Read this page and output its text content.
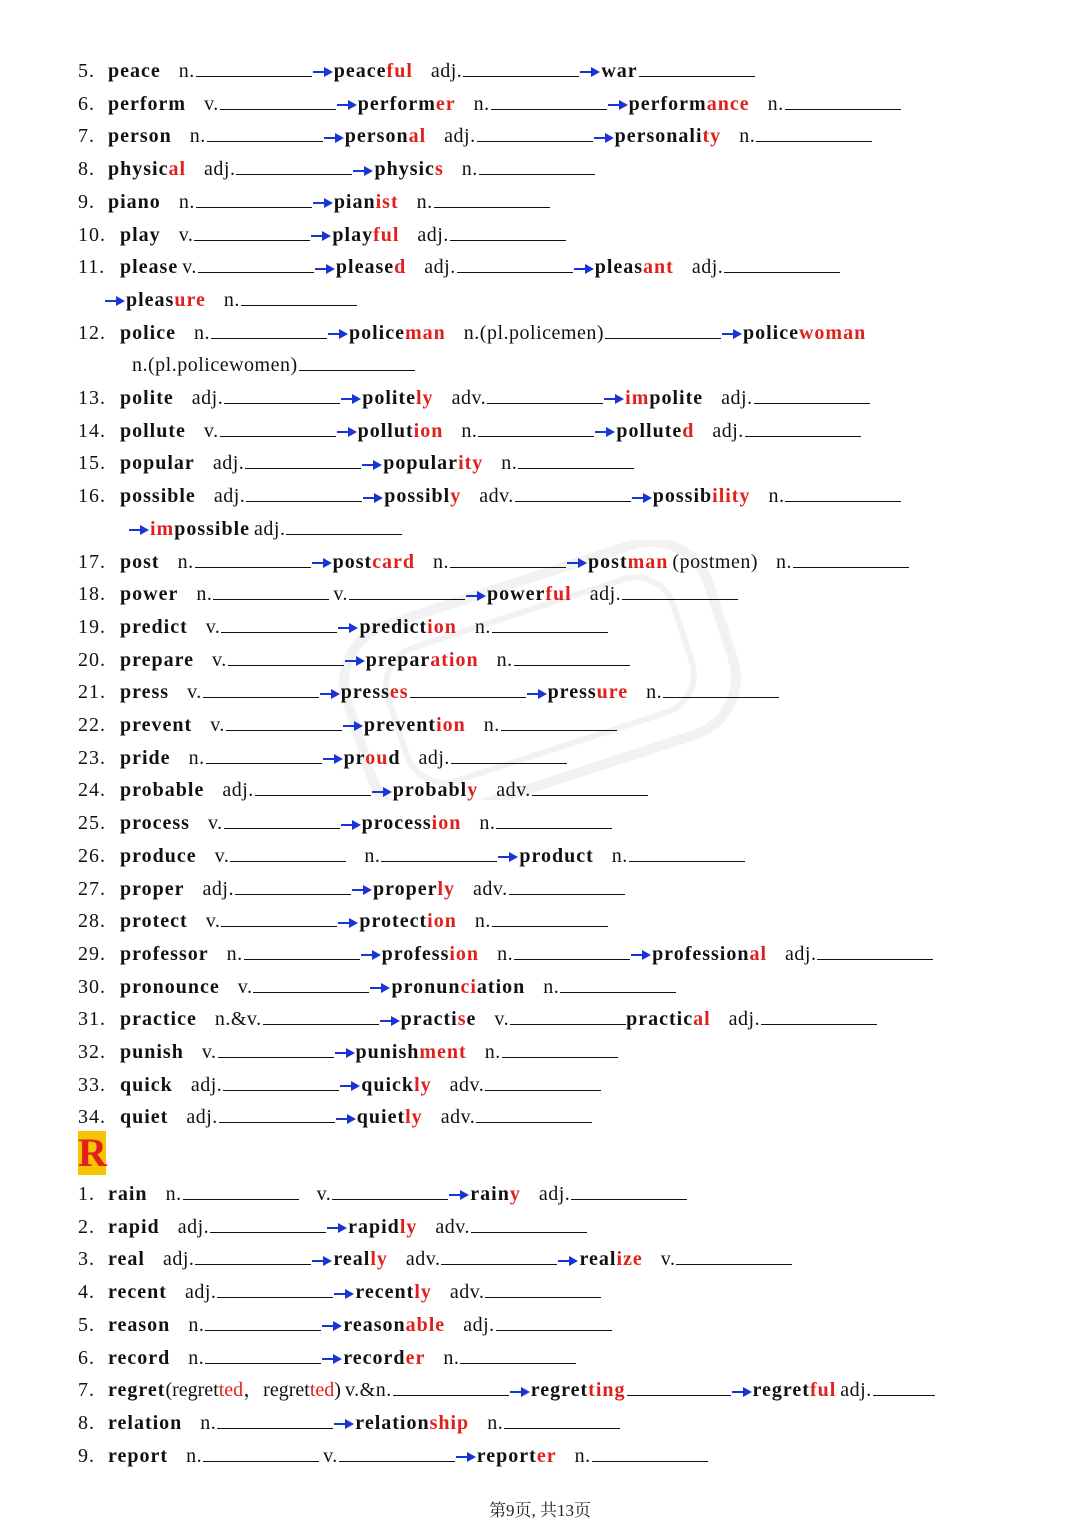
5. peace n.	peaceful adj.	war
6. perform v.	performer n.	performance n.
7. person n.	personal adj.	personality n.
8. physical adj.	physics n.
9. piano n.	pianist n.
10. play v.	playful adj.
11. please v.	pleased adj.	pleasant adj.
pleasure n.
12. police n.	policeman n.(pl.policemen)	policewoman
n.(pl.policewomen)
13. polite adj.	politely adv.	impolite adj.
14. pollute v.	pollution n.	polluted adj.
15. popular adj.	popularity n.
16. possible adj.	possibly adv.	possibility n.
impossible adj.
17. post n.	postcard n.	postman (postmen) n.
18. power n.	v.	powerful adj.
19. predict v.	prediction n.
20. prepare v.	preparation n.
21. press v.	presses	pressure n.
22. prevent v.	prevention n.
23. pride n.	proud adj.
24. probable adj.	probably adv.
25. process v.	procession n.
26. produce v.	n.	product n.
27. proper adj.	properly adv.
28. protect v.	protection n.
29. professor n.	profession n.	professional adj.
30. pronounce v.	pronunciation n.
31. practice n.&v.	practise v.	practical adj.
32. punish v.	punishment n.
33. quick adj.	quickly adv.
34. quiet adj.	quietly adv.
R
1. rain n.	v.	rainy adj.
2. rapid adj.	rapidly adv.
3. real adj.	really adv.	realize v.
4. recent adj.	recently adv.
5. reason n.	reasonable adj.
6. record n.	recorder n.
7. regret(regretted，regretted) v.&n.	regretting	regretful adj.
8. relation n.	relationship n.
9. report n.	v.	reporter n.
第9页, 共13页
